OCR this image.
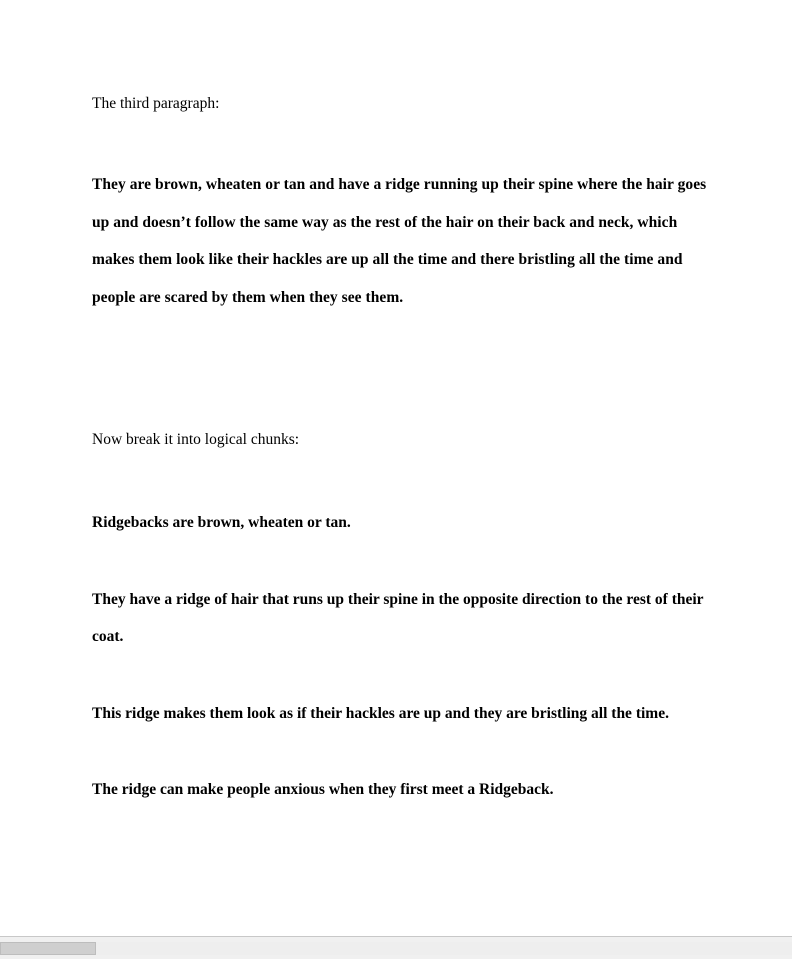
The third paragraph:

They are brown, wheaten or tan and have a ridge running up their spine where the hair goes up and doesn’t follow the same way as the rest of the hair on their back and neck, which makes them look like their hackles are up all the time and there bristling all the time and people are scared by them when they see them.

Now break it into logical chunks:

Ridgebacks are brown, wheaten or tan.

They have a ridge of hair that runs up their spine in the opposite direction to the rest of their coat.

This ridge makes them look as if their hackles are up and they are bristling all the time.

The ridge can make people anxious when they first meet a Ridgeback.
